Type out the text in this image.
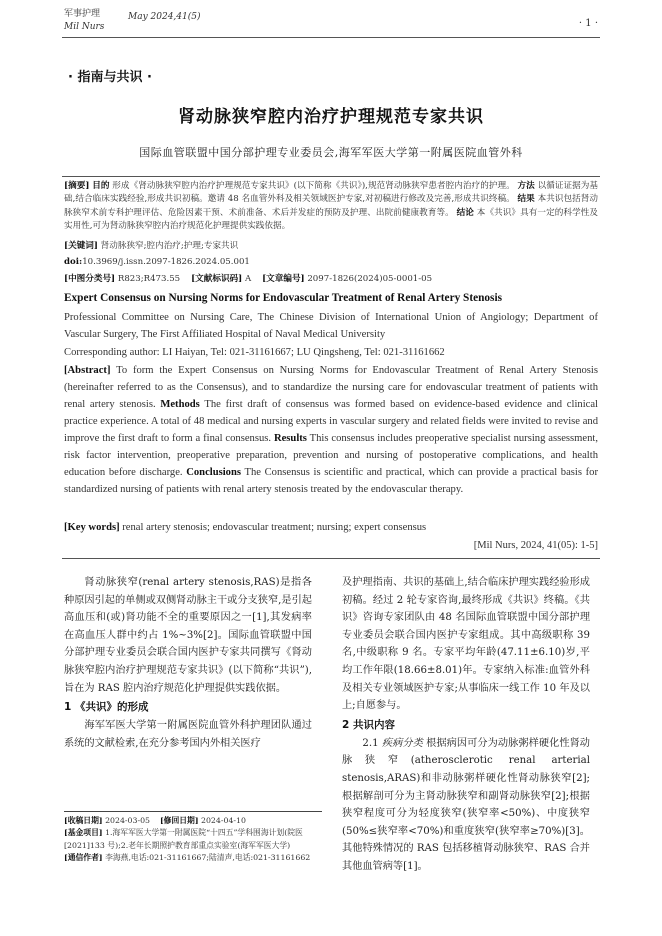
军事护理
Mil Nurs
May 2024,41(5)
· 1 ·
· 指南与共识 ·
肾动脉狭窄腔内治疗护理规范专家共识
国际血管联盟中国分部护理专业委员会,海军军医大学第一附属医院血管外科
[摘要] 目的 形成《肾动脉狭窄腔内治疗护理规范专家共识》(以下简称《共识》),规范肾动脉狭窄患者腔内治疗的护理。 方法 以循证证据为基础,结合临床实践经验,形成共识初稿。邀请 48 名血管外科及相关领域医护专家,对初稿进行修改及完善,形成共识终稿。 结果 本共识包括肾动脉狭窄术前专科护理评估、危险因素干预、术前准备、术后并发症的预防及护理、出院前健康教育等。 结论 本《共识》具有一定的科学性及实用性,可为肾动脉狭窄腔内治疗规范化护理提供实践依据。
[关键词] 肾动脉狭窄;腔内治疗;护理;专家共识
doi:10.3969/j.issn.2097-1826.2024.05.001
[中图分类号] R823;R473.55 [文献标识码] A [文章编号] 2097-1826(2024)05-0001-05
Expert Consensus on Nursing Norms for Endovascular Treatment of Renal Artery Stenosis
Professional Committee on Nursing Care, The Chinese Division of International Union of Angiology; Department of Vascular Surgery, The First Affiliated Hospital of Naval Medical University
Corresponding author: LI Haiyan, Tel: 021-31161667; LU Qingsheng, Tel: 021-31161662
[Abstract] To form the Expert Consensus on Nursing Norms for Endovascular Treatment of Renal Artery Stenosis (hereinafter referred to as the Consensus), and to standardize the nursing care for endovascular treatment of patients with renal artery stenosis. Methods The first draft of consensus was formed based on evidence-based evidence and clinical practice experience. A total of 48 medical and nursing experts in vascular surgery and related fields were invited to revise and improve the first draft to form a final consensus. Results This consensus includes preoperative specialist nursing assessment, risk factor intervention, preoperative preparation, prevention and nursing of postoperative complications, and health education before discharge. Conclusions The Consensus is scientific and practical, which can provide a practical basis for standardized nursing of patients with renal artery stenosis treated by the endovascular therapy.
[Key words] renal artery stenosis; endovascular treatment; nursing; expert consensus
[Mil Nurs, 2024, 41(05): 1-5]

肾动脉狭窄(renal artery stenosis,RAS)是指各种原因引起的单侧或双侧肾动脉主干或分支狭窄,是引起高血压和(或)肾功能不全的重要原因之一[1],其发病率在高血压人群中约占 1%~3%[2]。国际血管联盟中国分部护理专业委员会联合国内医护专家共同撰写《肾动脉狭窄腔内治疗护理规范专家共识》(以下简称“共识”),旨在为 RAS 腔内治疗规范化护理提供实践依据。

1 《共识》的形成

海军军医大学第一附属医院血管外科护理团队通过系统的文献检索,在充分参考国内外相关医疗

及护理指南、共识的基础上,结合临床护理实践经验形成初稿。经过 2 轮专家咨询,最终形成《共识》终稿。《共识》咨询专家团队由 48 名国际血管联盟中国分部护理专业委员会联合国内医护专家组成。其中高级职称 39 名,中级职称 9 名。专家平均年龄(47.11±6.10)岁,平均工作年限(18.66±8.01)年。专家纳入标准:血管外科及相关专业领域医护专家;从事临床一线工作 10 年及以上;自愿参与。

2 共识内容

2.1 疾病分类 根据病因可分为动脉粥样硬化性肾动脉狭窄(atherosclerotic renal arterial stenosis,ARAS)和非动脉粥样硬化性肾动脉狭窄[2];根据解剖可分为主肾动脉狭窄和副肾动脉狭窄[2];根据狭窄程度可分为轻度狭窄(狭窄率<50%)、中度狭窄(50%≤狭窄率<70%)和重度狭窄(狭窄率≥70%)[3]。其他特殊情况的 RAS 包括移植肾动脉狭窄、RAS 合并其他血管病等[1]。

[收稿日期] 2024-03-05 [修回日期] 2024-04-10
[基金项目] 1.海军军医大学第一附属医院“十四五”学科围海计划(院医[2021]133 号);2.老年长期照护教育部重点实验室(海军军医大学)
[通信作者] 李海燕,电话:021-31161667;陆清声,电话:021-31161662
